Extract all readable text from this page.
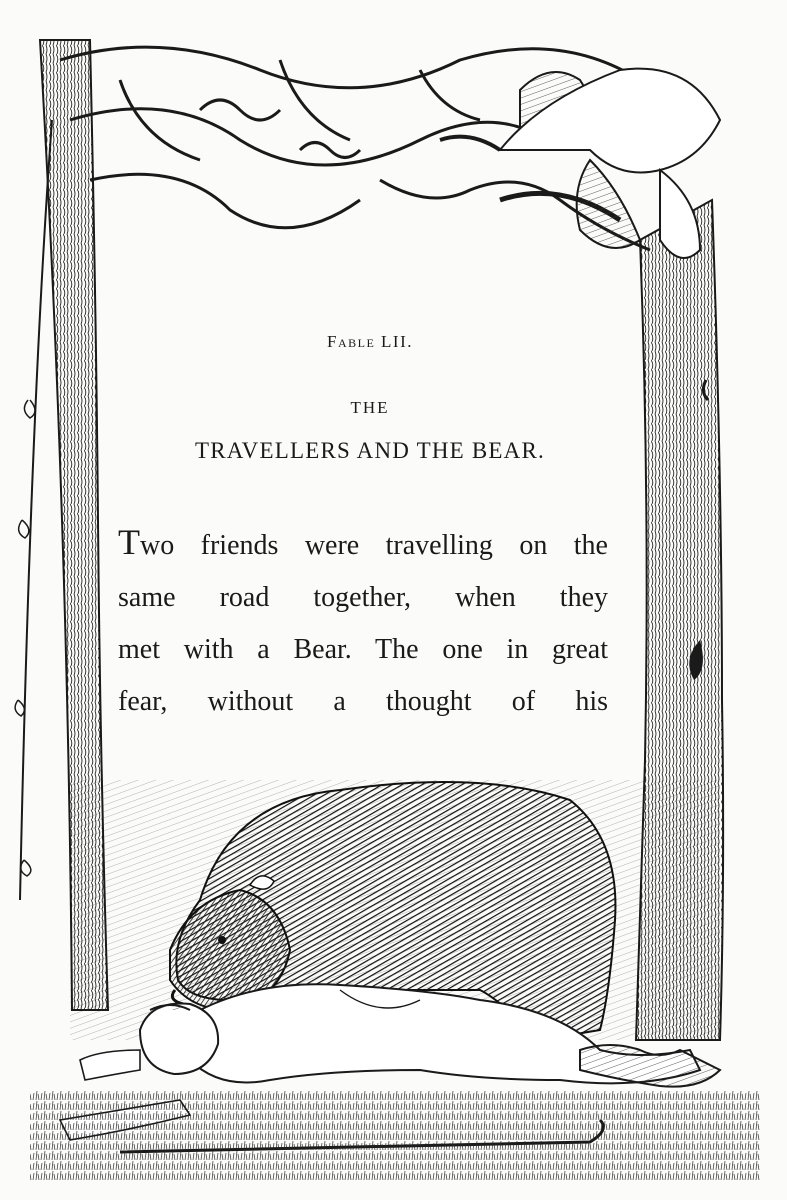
Fable LII.
THE
TRAVELLERS AND THE BEAR.
Two friends were travelling on the
same road together, when they
met with a Bear. The one in great
fear, without a thought of his
